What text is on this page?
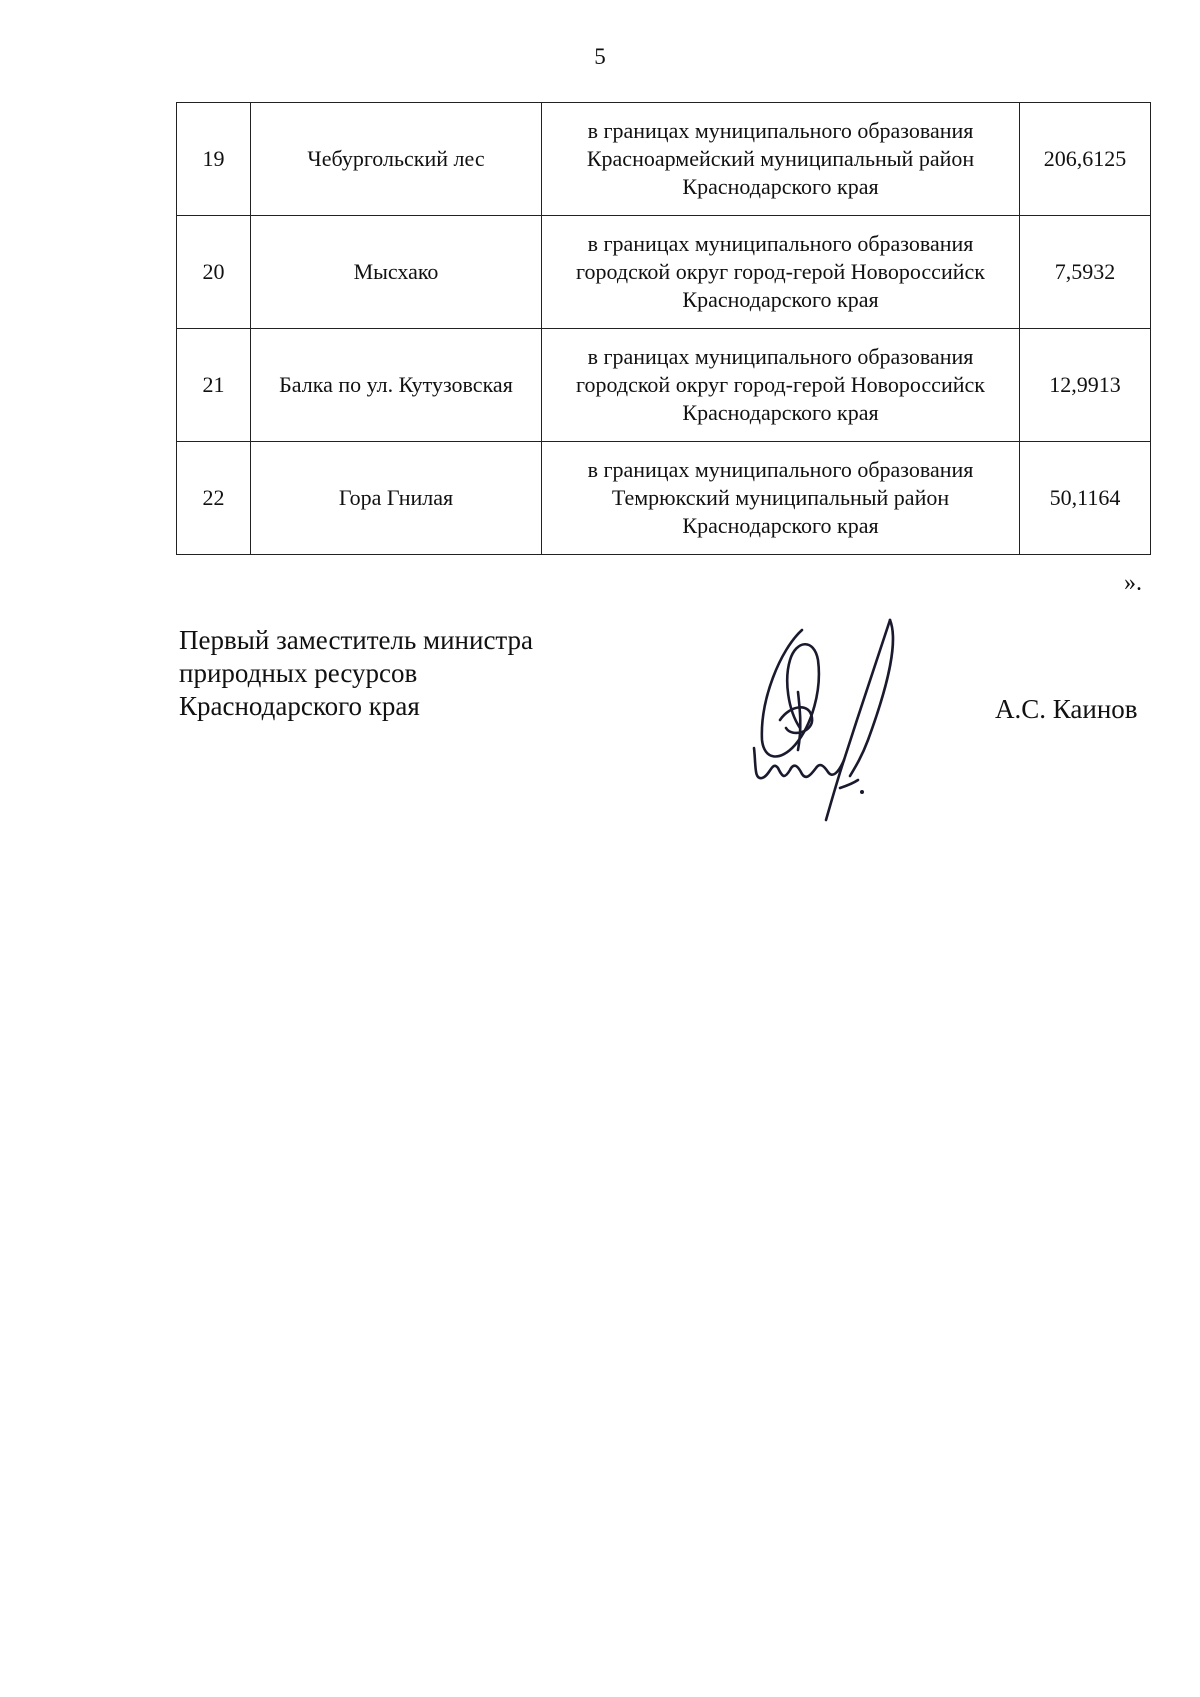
5
19	Чебургольский лес	в границах муниципального образования
Красноармейский муниципальный район
Краснодарского края	206,6125

20	Мысхако	в границах муниципального образования
городской округ город-герой Новороссийск
Краснодарского края	7,5932

21	Балка по ул. Кутузовская	в границах муниципального образования
городской округ город-герой Новороссийск
Краснодарского края	12,9913

22	Гора Гнилая	в границах муниципального образования
Темрюкский муниципальный район
Краснодарского края	50,1164
».
Первый заместитель министра
природных ресурсов
Краснодарского края	А.С. Каинов
